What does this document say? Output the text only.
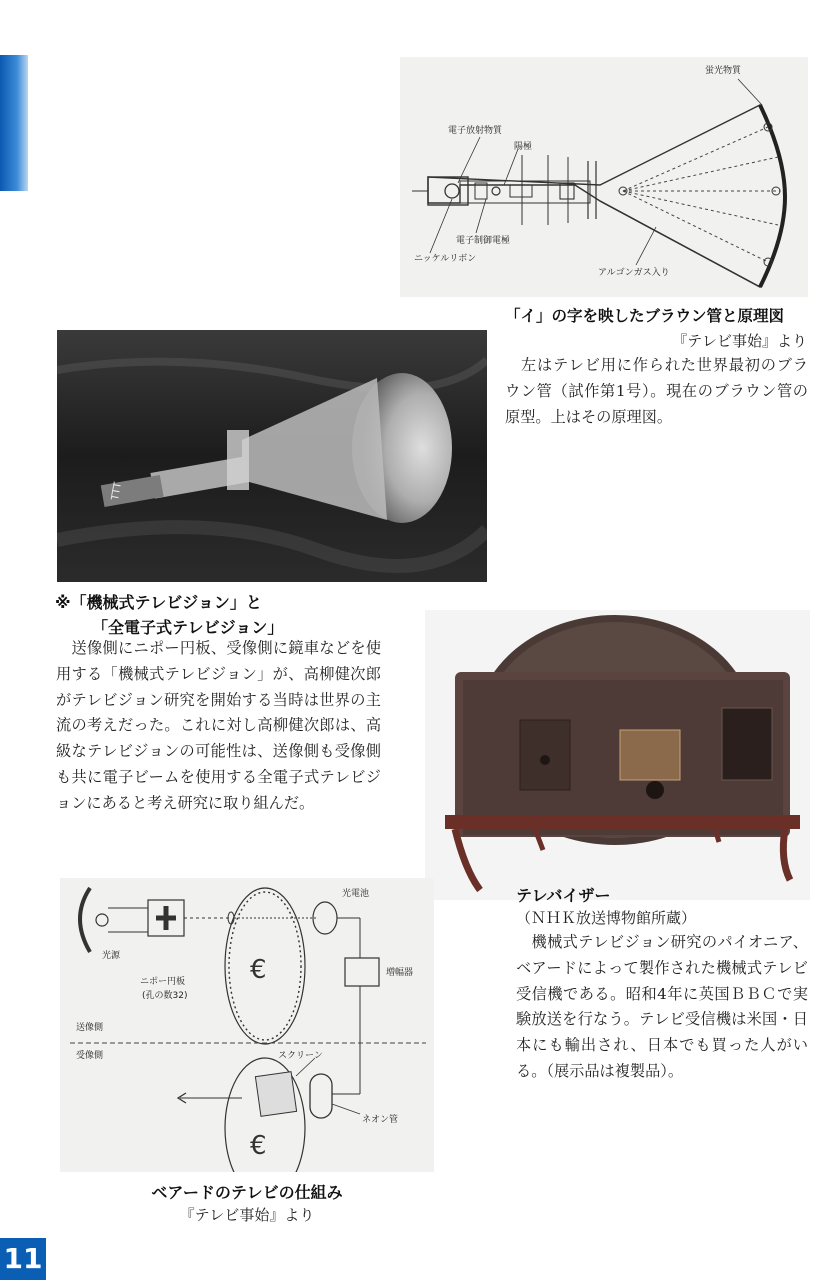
11
蛍光物質
電子放射物質
陽極
電子制御電極
ニッケルリボン
アルゴンガス入り
「イ」の字を映したブラウン管と原理図
『テレビ事始』より
　左はテレビ用に作られた世界最初のブラウン管（試作第1号）。現在のブラウン管の原型。上はその原理図。
TTT
※「機械式テレビジョン」と
「全電子式テレビジョン」
　送像側にニポー円板、受像側に鏡車などを使用する「機械式テレビジョン」が、高柳健次郎がテレビジョン研究を開始する当時は世界の主流の考えだった。これに対し高柳健次郎は、高級なテレビジョンの可能性は、送像側も受像側も共に電子ビームを使用する全電子式テレビジョンにあると考え研究に取り組んだ。
テレバイザー
（ＮＨＫ放送博物館所蔵）
　機械式テレビジョン研究のパイオニア、ベアードによって製作された機械式テレビ受信機である。昭和4年に英国ＢＢＣで実験放送を行なう。テレビ受信機は米国・日本にも輸出され、日本でも買った人がいる。（展示品は複製品）。
€
€
光源
光電池
ニポー円板
(孔の数32)
増幅器
送像側
受像側	スクリーン
ネオン管
ベアードのテレビの仕組み
『テレビ事始』より
